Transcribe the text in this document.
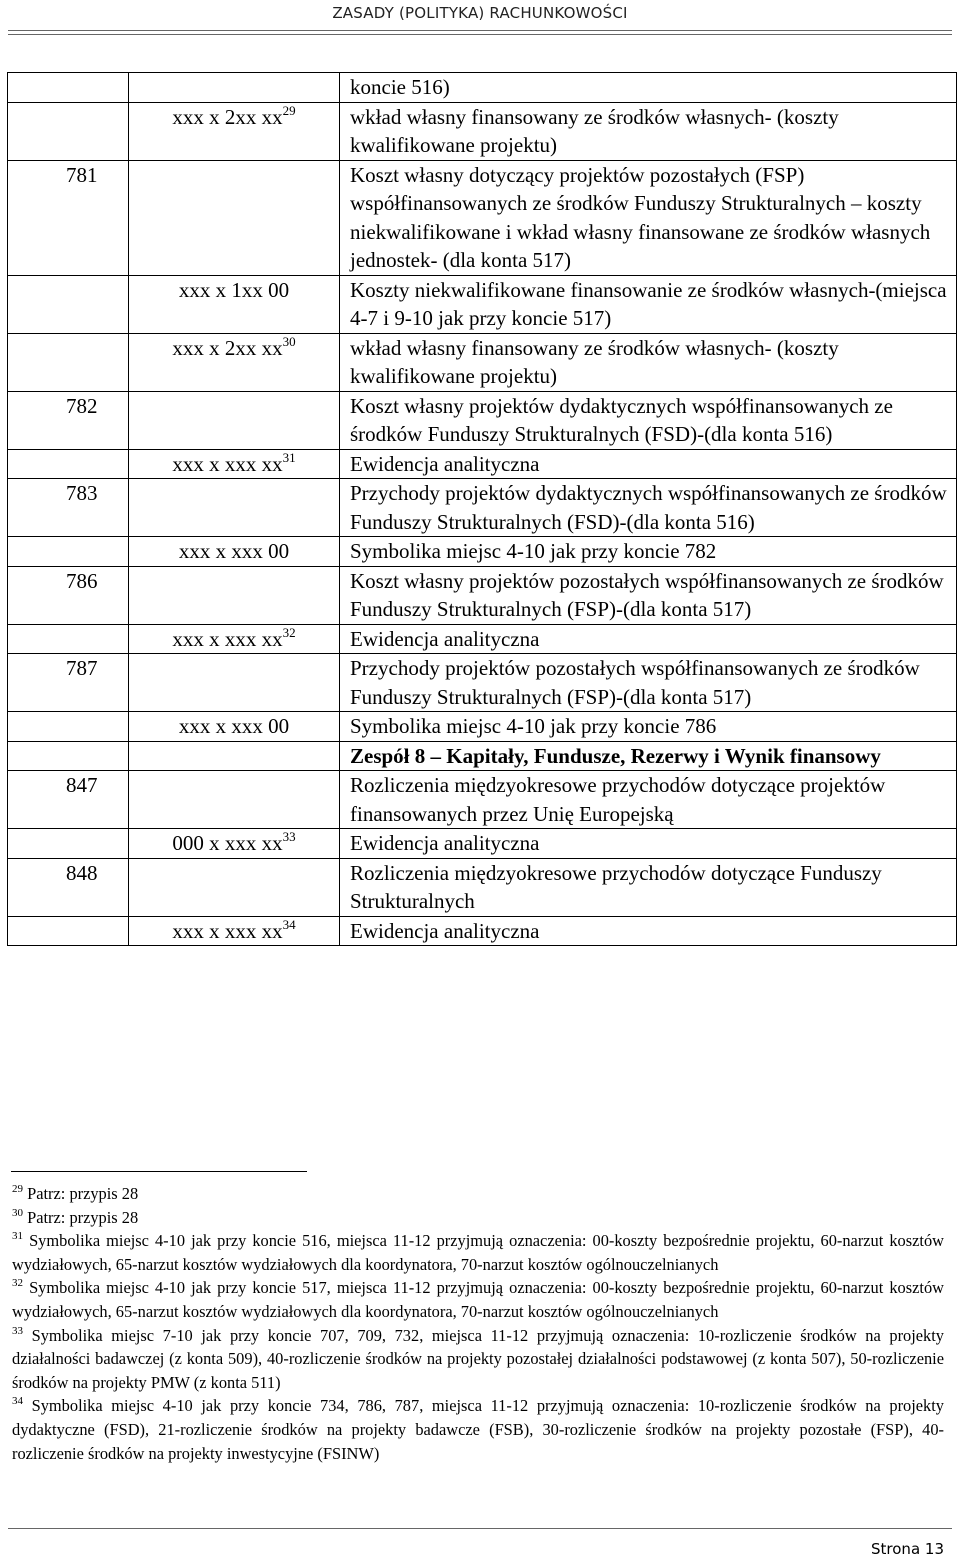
ZASADY (POLITYKA) RACHUNKOWOŚCI
		koncie 516)
	xxx x 2xx $xx^{29}$	wkład własny finansowany ze środków własnych- (koszty kwalifikowane projektu)
781		Koszt własny dotyczący projektów pozostałych (FSP) współfinansowanych ze środków Funduszy Strukturalnych – koszty niekwalifikowane i wkład własny finansowane ze środków własnych jednostek- (dla konta 517)
	xxx x 1xx 00	Koszty niekwalifikowane finansowanie ze środków własnych-(miejsca 4-7 i 9-10 jak przy koncie 517)
	xxx x 2xx $xx^{30}$	wkład własny finansowany ze środków własnych- (koszty kwalifikowane projektu)
782		Koszt własny projektów dydaktycznych współfinansowanych ze środków Funduszy Strukturalnych (FSD)-(dla konta 516)
	xxx x xxx $xx^{31}$	Ewidencja analityczna
783		Przychody projektów dydaktycznych współfinansowanych ze środków Funduszy Strukturalnych (FSD)-(dla konta 516)
	xxx x xxx 00	Symbolika miejsc 4-10 jak przy koncie 782
786		Koszt własny projektów pozostałych współfinansowanych ze środków Funduszy Strukturalnych (FSP)-(dla konta 517)
	xxx x xxx $xx^{32}$	Ewidencja analityczna
787		Przychody projektów pozostałych współfinansowanych ze środków Funduszy Strukturalnych (FSP)-(dla konta 517)
	xxx x xxx 00	Symbolika miejsc 4-10 jak przy koncie 786
		Zespół 8 – Kapitały, Fundusze, Rezerwy i Wynik finansowy
847		Rozliczenia międzyokresowe przychodów dotyczące projektów finansowanych przez Unię Europejską
	000 x xxx $xx^{33}$	Ewidencja analityczna
848		Rozliczenia międzyokresowe przychodów dotyczące Funduszy Strukturalnych
	xxx x xxx $xx^{34}$	Ewidencja analityczna
$^{29}$ Patrz: przypis 28
$^{30}$ Patrz: przypis 28
$^{31}$ Symbolika miejsc 4-10 jak przy koncie 516, miejsca 11-12 przyjmują oznaczenia: 00-koszty bezpośrednie projektu, 60-narzut kosztów wydziałowych, 65-narzut kosztów wydziałowych dla koordynatora, 70-narzut kosztów ogólnouczelnianych
$^{32}$ Symbolika miejsc 4-10 jak przy koncie 517, miejsca 11-12 przyjmują oznaczenia: 00-koszty bezpośrednie projektu, 60-narzut kosztów wydziałowych, 65-narzut kosztów wydziałowych dla koordynatora, 70-narzut kosztów ogólnouczelnianych
$^{33}$ Symbolika miejsc 7-10 jak przy koncie 707, 709, 732, miejsca 11-12 przyjmują oznaczenia: 10-rozliczenie środków na projekty działalności badawczej (z konta 509), 40-rozliczenie środków na projekty pozostałej działalności podstawowej (z konta 507), 50-rozliczenie środków na projekty PMW (z konta 511)
$^{34}$ Symbolika miejsc 4-10 jak przy koncie 734, 786, 787, miejsca 11-12 przyjmują oznaczenia: 10-rozliczenie środków na projekty dydaktyczne (FSD), 21-rozliczenie środków na projekty badawcze (FSB), 30-rozliczenie środków na projekty pozostałe (FSP), 40-rozliczenie środków na projekty inwestycyjne (FSINW)
Strona 13
